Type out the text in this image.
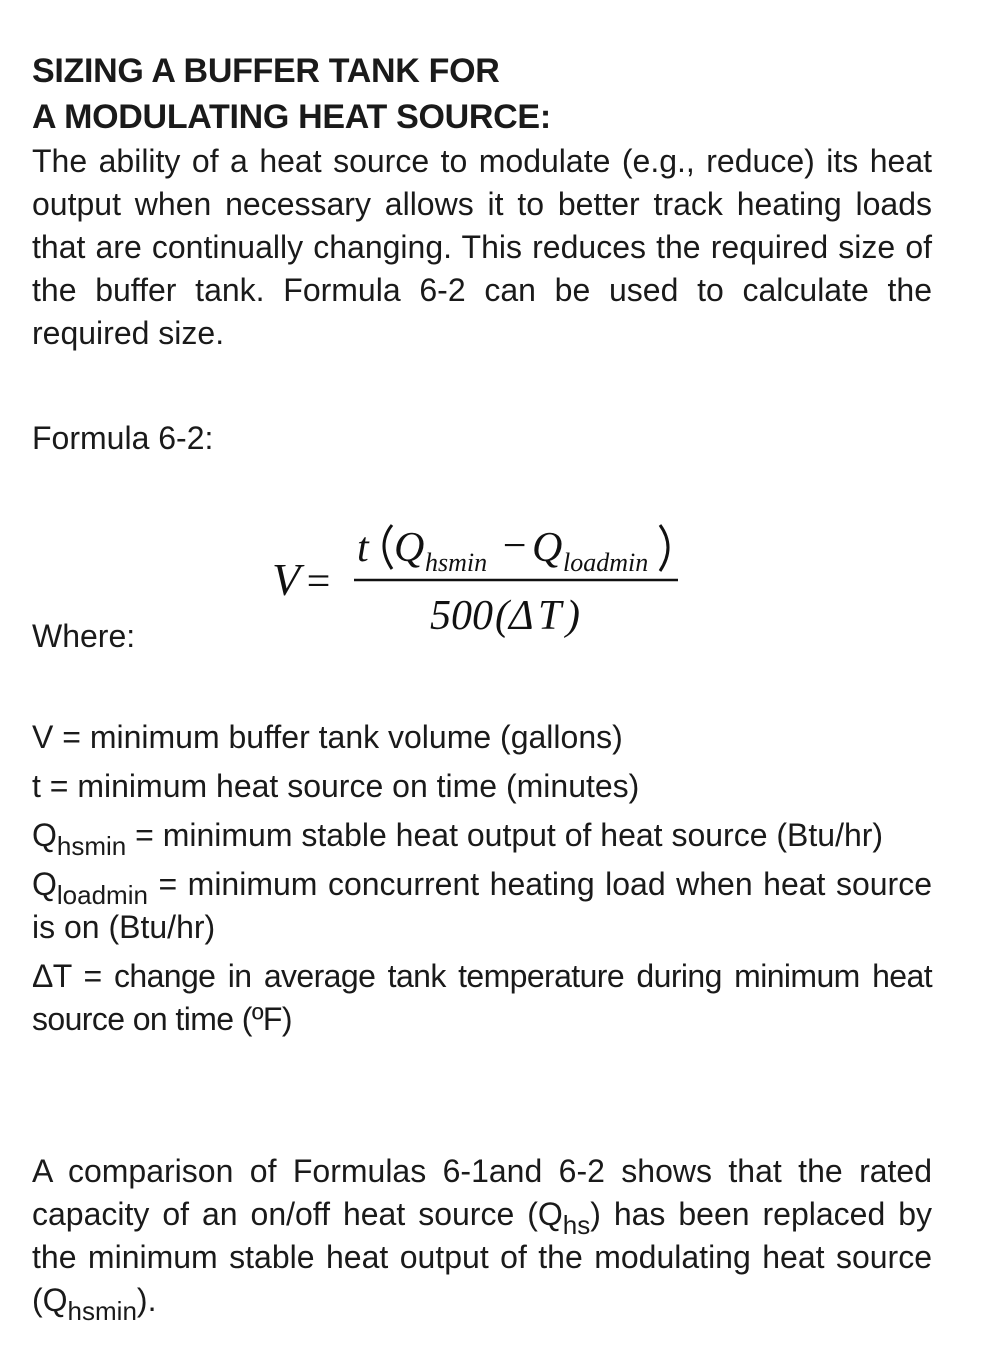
SIZING A BUFFER TANK FOR
A MODULATING HEAT SOURCE:

The ability of a heat source to modulate (e.g., reduce) its heat output when necessary allows it to better track heating loads that are continually changing. This reduces the required size of the buffer tank. Formula 6-2 can be used to calculate the required size.

Formula 6-2:
V =
t Q hsmin − Q loadmin
500 ( Δ T )
Where:

V = minimum buffer tank volume (gallons)

t = minimum heat source on time (minutes)

$Q_{hsmin}$ = minimum stable heat output of heat source (Btu/hr)

$Q_{loadmin}$ = minimum concurrent heating load when heat source is on (Btu/hr)

ΔT = change in average tank temperature during minimum heat source on time (ºF)

A comparison of Formulas 6-1and 6-2 shows that the rated capacity of an on/off heat source $(Q_{hs})$ has been replaced by the minimum stable heat output of the modulating heat source $(Q_{hsmin})$.
